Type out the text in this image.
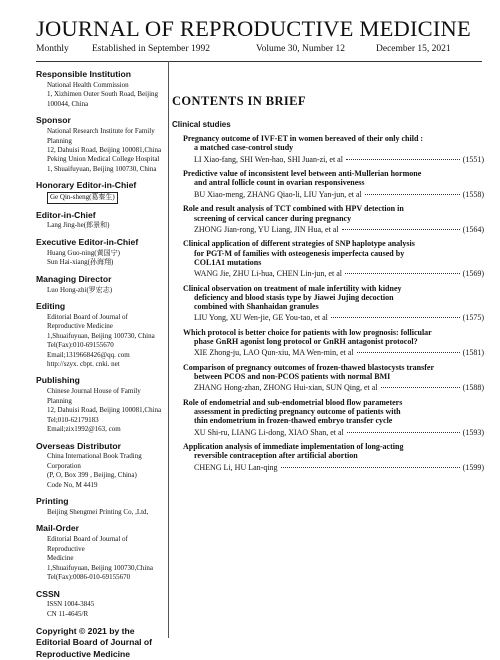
JOURNAL OF REPRODUCTIVE MEDICINE
Monthly Established in September 1992	Volume 30, Number 12	December 15, 2021
Responsible Institution
National Health Commission
1, Xizhimen Outer South Road, Beijing
100044, China
Sponsor
National Research Institute for Family
Planning
12, Dahuisi Road, Beijing 100081,China
Peking Union Medical College Hospital
1, Shuaifuyuan, Beijing 100730, China
Honorary Editor-in-Chief
Ge Qin-sheng(葛秦生)
Editor-in-Chief
Lang Jing-he(郎景和)
Executive Editor-in-Chief
Huang Guo-ning(黄国宁)
Sun Hai-xiang(孙海翔)
Managing Director
Luo Hong-zhi(罗宏志)
Editing
Editorial Board of Journal of
Reproductive Medicine
1,Shuaifuyuan, Beijing 100730, China
Tel(Fax):010-69155670
Email;1319668426@qq. com
http://szyx. cbpt. cnki. net
Publishing
Chinese Journal House of Family Planning
12, Dahuisi Road, Beijing 100081,China
Tel;010-62179183
Email;zix1992@163, com
Overseas Distributor
China International Book Trading
Corporation
(P, O, Box 399 , Beijing, China)
Code No, M 4419
Printing
Beijing Shengmei Printing Co, ,Ltd,
Mail-Order
Editorial Board of Journal of Reproductive
Medicine
1,Shuaifuyuan, Beijing 100730,China
Tel(Fax):0086-010-69155670
CSSN
ISSN 1004-3845
CN 11-4645/R
Copyright © 2021 by the
Editorial Board of Journal of
Reproductive Medicine
CONTENTS IN BRIEF
Clinical studies
Pregnancy outcome of IVF-ET in women bereaved of their only child :
a matched case-control study
LI Xiao-fang, SHI Wen-hao, SHI Juan-zi, et al	(1551)
Predictive value of inconsistent level between anti-Mullerian hormone
and antral follicle count in ovarian responsiveness
BU Xiao-meng, ZHANG Qiao-li, LIU Yan-jun, et al	(1558)
Role and result analysis of TCT combined with HPV detection in
screening of cervical cancer during pregnancy
ZHONG Jian-rong, YU Liang, JIN Hua, et al	(1564)
Clinical application of different strategies of SNP haplotype analysis
for PGT-M of families with osteogenesis imperfecta caused by
COL1A1 mutations
WANG Jie, ZHU Li-hua, CHEN Lin-jun, et al	(1569)
Clinical observation on treatment of male infertility with kidney
deficiency and blood stasis type by Jiawei Jujing decoction
combined with Shanhaidan granules
LIU Yong, XU Wen-jie, GE You-tao, et al	(1575)
Which protocol is better choice for patients with low prognosis: follicular
phase GnRH agonist long protocol or GnRH antagonist protocol?
XIE Zhong-ju, LAO Qun-xiu, MA Wen-min, et al	(1581)
Comparison of pregnancy outcomes of frozen-thawed blastocysts transfer
between PCOS and non-PCOS patients with normal BMI
ZHANG Hong-zhan, ZHONG Hui-xian, SUN Qing, et al	(1588)
Role of endometrial and sub-endometrial blood flow parameters
assessment in predicting pregnancy outcome of patients with
thin endometrium in frozen-thawed embryo transfer cycle
XU Shi-ru, LIANG Li-dong, XIAO Shan, et al	(1593)
Application analysis of immediate implementation of long-acting
reversible contraception after artificial abortion
CHENG Li, HU Lan-qing	(1599)
